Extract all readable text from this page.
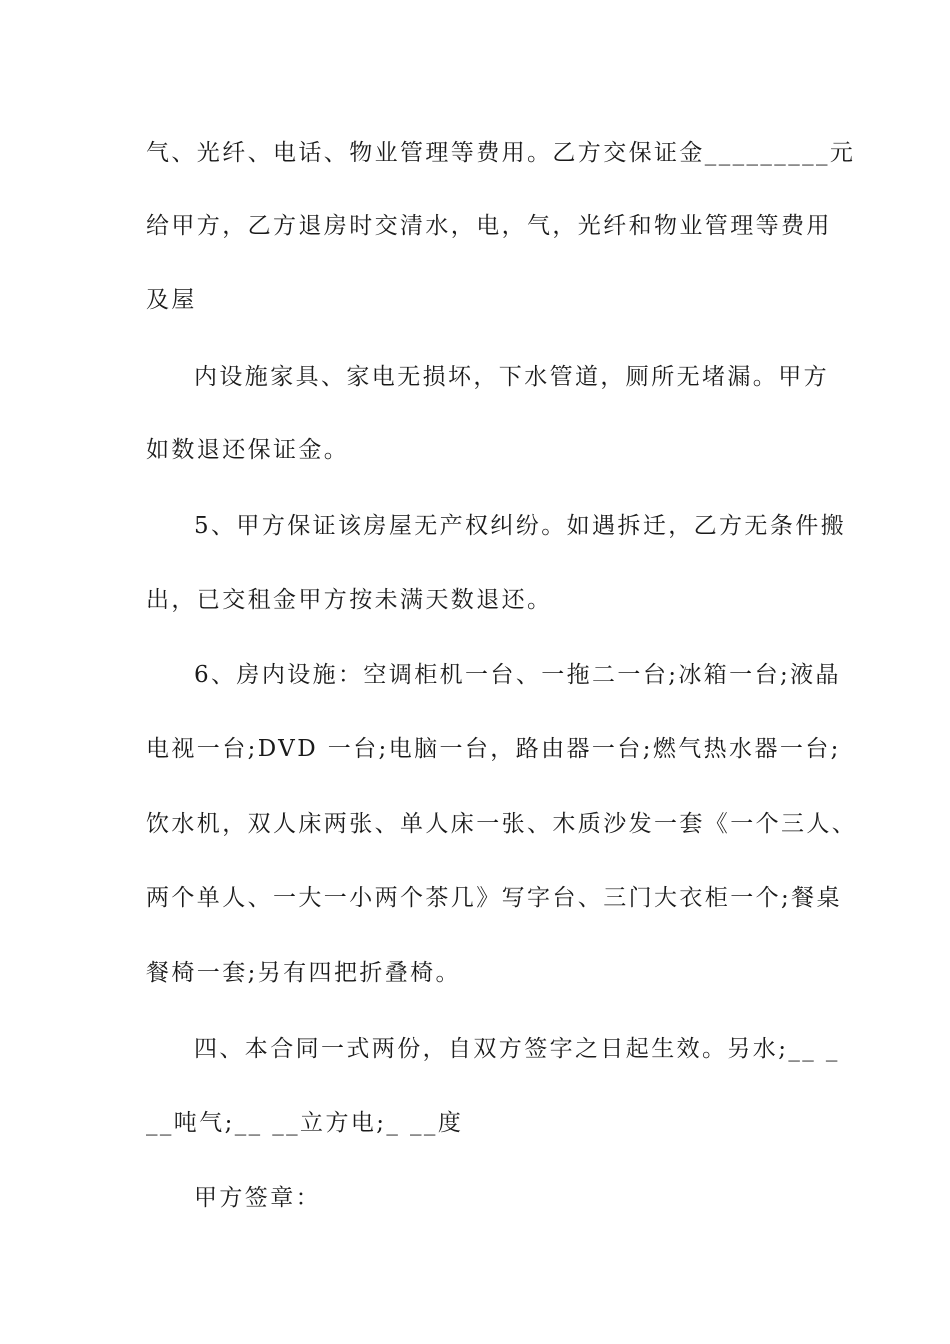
气、光纤、电话、物业管理等费用。乙方交保证金_________元
给甲方，乙方退房时交清水，电，气，光纤和物业管理等费用
及屋
内设施家具、家电无损坏，下水管道，厕所无堵漏。甲方
如数退还保证金。
5、甲方保证该房屋无产权纠纷。如遇拆迁，乙方无条件搬
出，已交租金甲方按未满天数退还。
6、房内设施：空调柜机一台、一拖二一台;冰箱一台;液晶
电视一台;DVD 一台;电脑一台，路由器一台;燃气热水器一台;
饮水机，双人床两张、单人床一张、木质沙发一套《一个三人、
两个单人、一大一小两个茶几》写字台、三门大衣柜一个;餐桌
餐椅一套;另有四把折叠椅。
四、本合同一式两份，自双方签字之日起生效。另水;__ _
__吨气;__ __立方电;_ __度
甲方签章：
